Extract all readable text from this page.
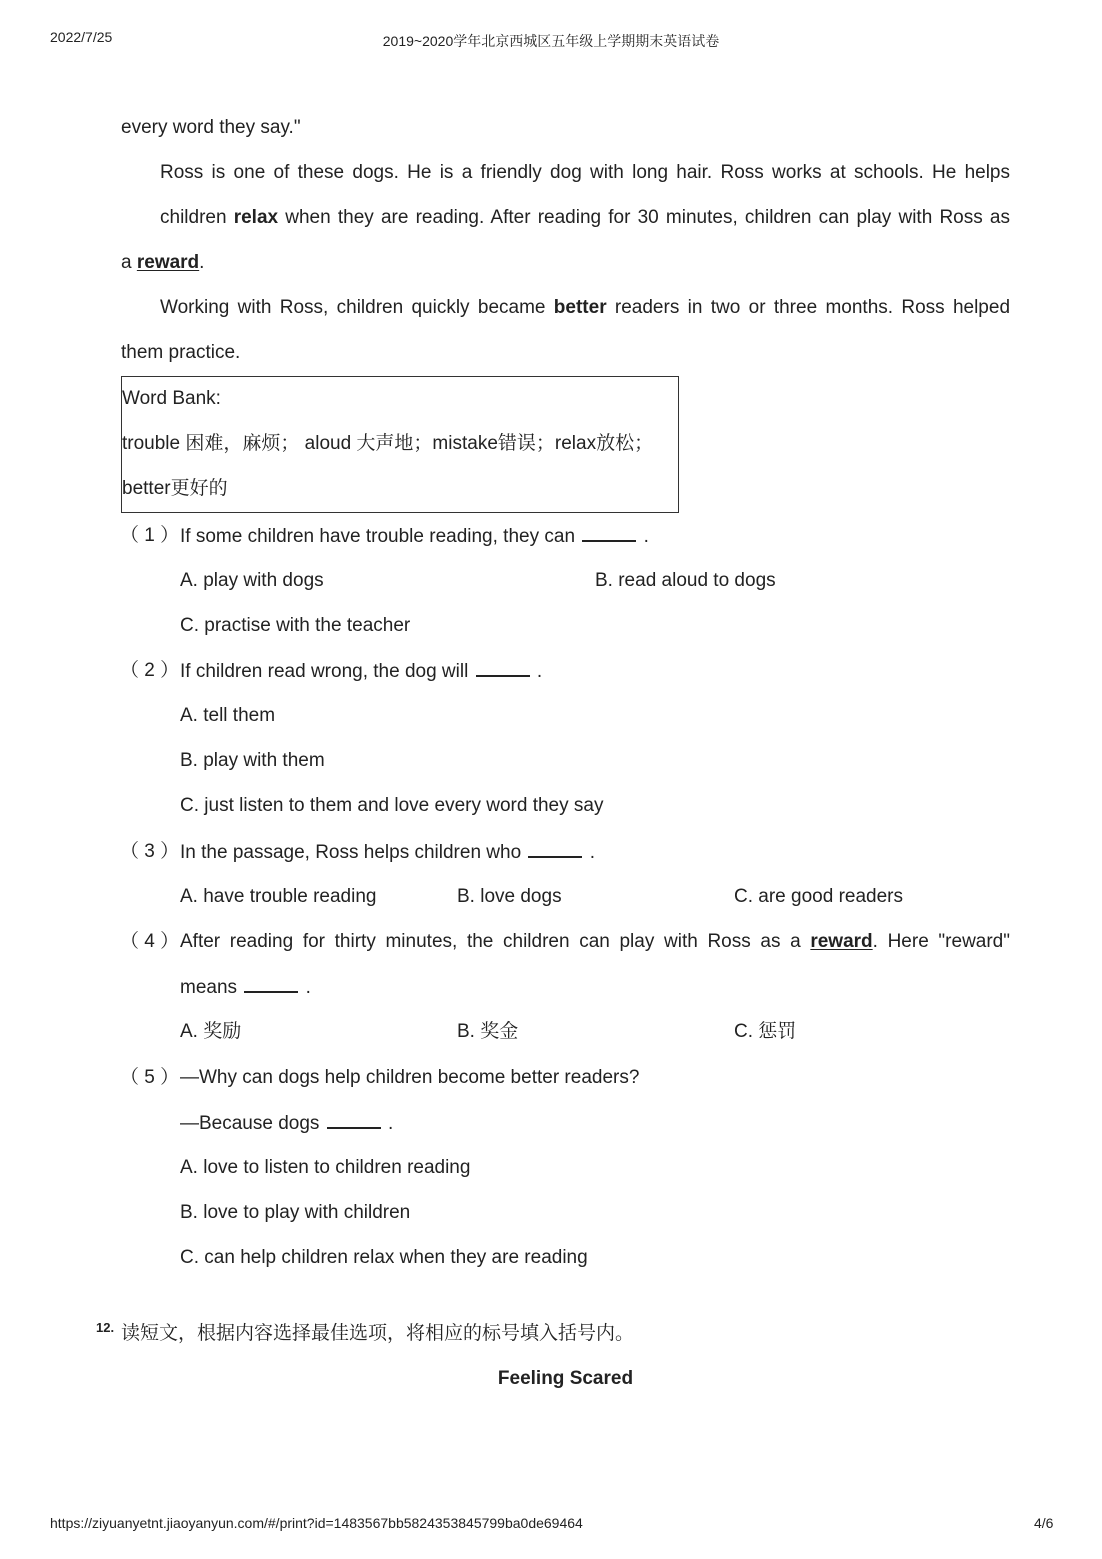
2022/7/25	2019~2020学年北京西城区五年级上学期期末英语试卷
every word they say."
Ross is one of these dogs. He is a friendly dog with long hair. Ross works at schools. He helps
children relax when they are reading. After reading for 30 minutes, children can play with Ross as
a reward.
Working with Ross, children quickly became better readers in two or three months. Ross helped
them practice.
Word Bank:
trouble 困难，麻烦； aloud 大声地；mistake错误；relax放松；
better更好的
（ 1 ） If some children have trouble reading, they can	.
A. play with dogs	B. read aloud to dogs
C. practise with the teacher
（ 2 ） If children read wrong, the dog will	.
A. tell them
B. play with them
C. just listen to them and love every word they say
（ 3 ） In the passage, Ross helps children who	.
A. have trouble reading	B. love dogs	C. are good readers
（ 4 ） After reading for thirty minutes, the children can play with Ross as a reward. Here "reward"
means	.
A. 奖励	B. 奖金	C. 惩罚
（ 5 ） —Why can dogs help children become better readers?
—Because dogs	.
A. love to listen to children reading
B. love to play with children
C. can help children relax when they are reading
12. 读短文，根据内容选择最佳选项，将相应的标号填入括号内。
Feeling Scared
https://ziyuanyetnt.jiaoyanyun.com/#/print?id=1483567bb5824353845799ba0de69464	4/6
